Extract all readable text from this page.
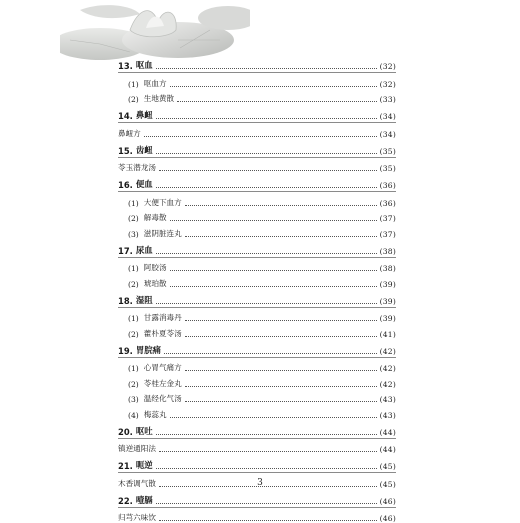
13. 呕血	(32)
(1) 呕血方	(32)
(2) 生地黄散	(33)
14. 鼻衄	(34)
鼻衄方	(34)
15. 齿衄	(35)
苓玉潜龙汤	(35)
16. 便血	(36)
(1) 大便下血方	(36)
(2) 解毒散	(37)
(3) 滋阴脏连丸	(37)
17. 尿血	(38)
(1) 阿胶汤	(38)
(2) 琥珀散	(39)
18. 湿阻	(39)
(1) 甘露消毒丹	(39)
(2) 藿朴夏苓汤	(41)
19. 胃脘痛	(42)
(1) 心胃气痛方	(42)
(2) 苓桂左金丸	(42)
(3) 温经化气汤	(43)
(4) 梅蕊丸	(43)
20. 呕吐	(44)
镇逆通阳法	(44)
21. 呃逆	(45)
木香调气散	(45)
22. 噎膈	(46)
归芎六味饮	(46)
3
